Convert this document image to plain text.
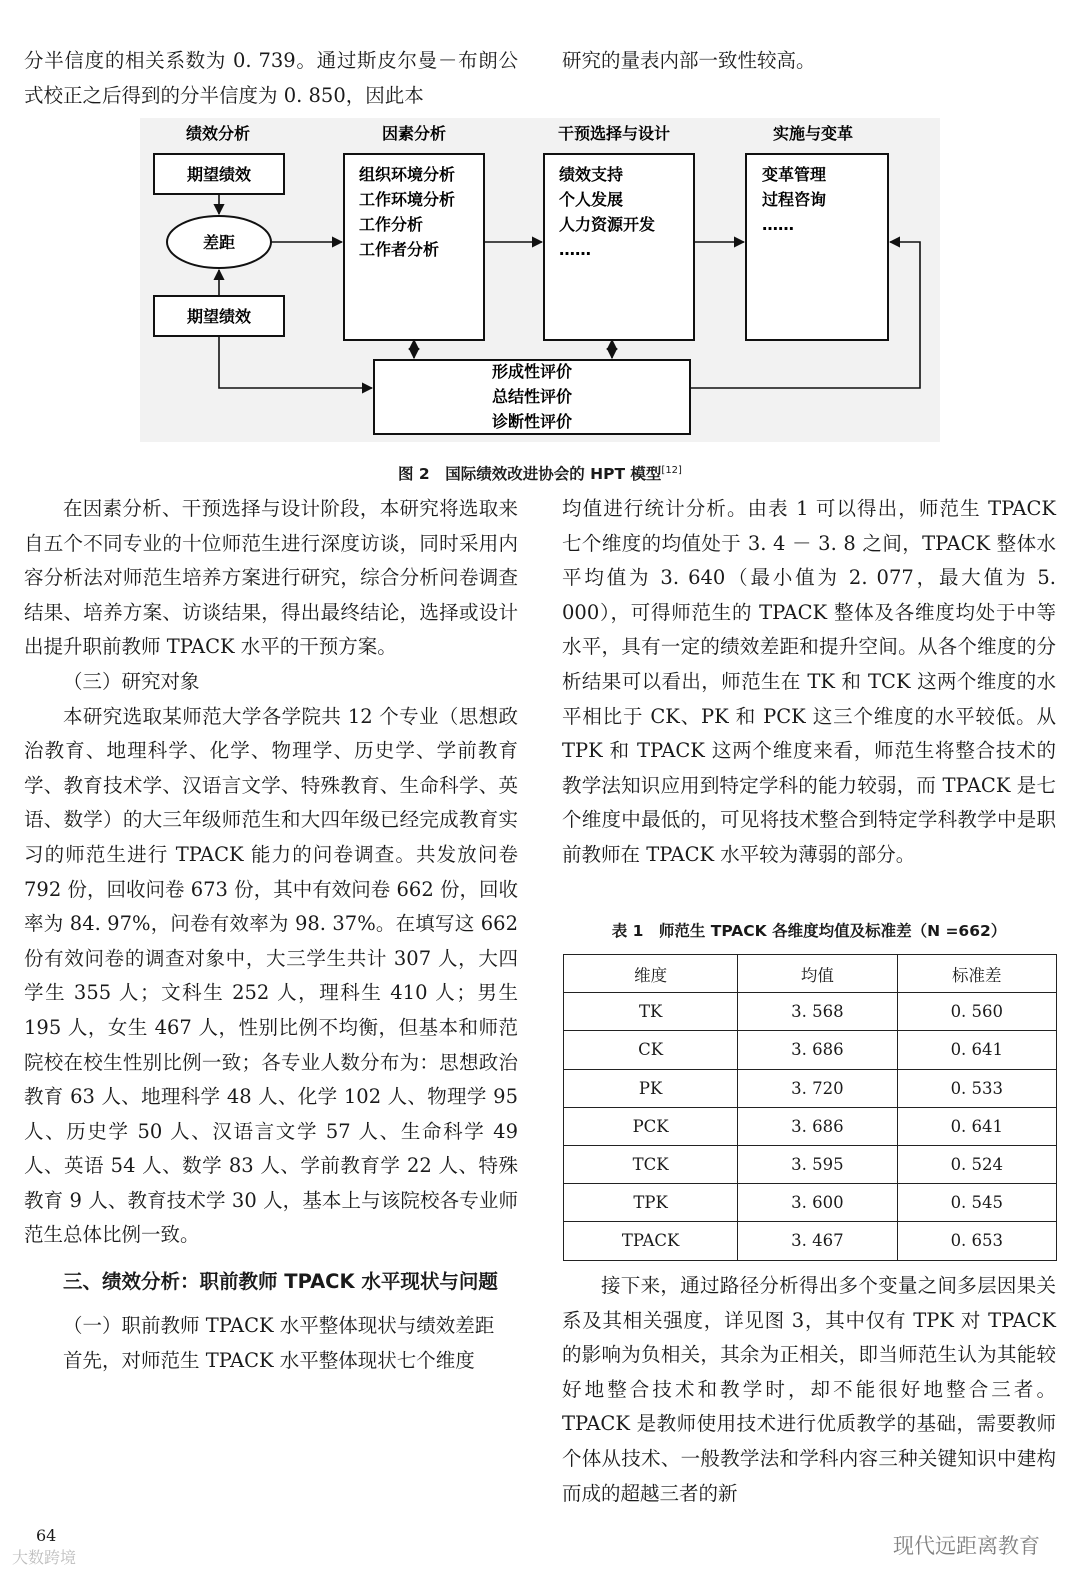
分半信度的相关系数为 0. 739。通过斯皮尔曼－布朗公式校正之后得到的分半信度为 0. 850，因此本

研究的量表内部一致性较高。

绩效分析	因素分析	干预选择与设计	实施与变革
期望绩效
差距
期望绩效
组织环境分析
工作环境分析
工作分析
工作者分析
绩效支持
个人发展
人力资源开发
……
变革管理
过程咨询
……
形成性评价
总结性评价
诊断性评价
图 2　国际绩效改进协会的 HPT 模型[12]

在因素分析、干预选择与设计阶段，本研究将选取来自五个不同专业的十位师范生进行深度访谈，同时采用内容分析法对师范生培养方案进行研究，综合分析问卷调查结果、培养方案、访谈结果，得出最终结论，选择或设计出提升职前教师 TPACK 水平的干预方案。

（三）研究对象

本研究选取某师范大学各学院共 12 个专业（思想政治教育、地理科学、化学、物理学、历史学、学前教育学、教育技术学、汉语言文学、特殊教育、生命科学、英语、数学）的大三年级师范生和大四年级已经完成教育实习的师范生进行 TPACK 能力的问卷调查。共发放问卷 792 份，回收问卷 673 份，其中有效问卷 662 份，回收率为 84. 97%，问卷有效率为 98. 37%。在填写这 662 份有效问卷的调查对象中，大三学生共计 307 人，大四学生 355 人；文科生 252 人，理科生 410 人；男生 195 人，女生 467 人，性别比例不均衡，但基本和师范院校在校生性别比例一致；各专业人数分布为：思想政治教育 63 人、地理科学 48 人、化学 102 人、物理学 95 人、历史学 50 人、汉语言文学 57 人、生命科学 49 人、英语 54 人、数学 83 人、学前教育学 22 人、特殊教育 9 人、教育技术学 30 人，基本上与该院校各专业师范生总体比例一致。

三、绩效分析：职前教师 TPACK 水平现状与问题

（一）职前教师 TPACK 水平整体现状与绩效差距

首先，对师范生 TPACK 水平整体现状七个维度

均值进行统计分析。由表 1 可以得出，师范生 TPACK 七个维度的均值处于 3. 4 － 3. 8 之间，TPACK 整体水平均值为 3. 640（最小值为 2. 077，最大值为 5. 000），可得师范生的 TPACK 整体及各维度均处于中等水平，具有一定的绩效差距和提升空间。从各个维度的分析结果可以看出，师范生在 TK 和 TCK 这两个维度的水平相比于 CK、PK 和 PCK 这三个维度的水平较低。从 TPK 和 TPACK 这两个维度来看，师范生将整合技术的教学法知识应用到特定学科的能力较弱，而 TPACK 是七个维度中最低的，可见将技术整合到特定学科教学中是职前教师在 TPACK 水平较为薄弱的部分。

表 1　师范生 TPACK 各维度均值及标准差（N =662）
维度	均值	标准差
TK	3. 568	0. 560
CK	3. 686	0. 641
PK	3. 720	0. 533
PCK	3. 686	0. 641
TCK	3. 595	0. 524
TPK	3. 600	0. 545
TPACK	3. 467	0. 653

接下来，通过路径分析得出多个变量之间多层因果关系及其相关强度，详见图 3，其中仅有 TPK 对 TPACK 的影响为负相关，其余为正相关，即当师范生认为其能较好地整合技术和教学时，却不能很好地整合三者。TPACK 是教师使用技术进行优质教学的基础，需要教师个体从技术、一般教学法和学科内容三种关键知识中建构而成的超越三者的新

64	现代远距离教育
大数跨境
